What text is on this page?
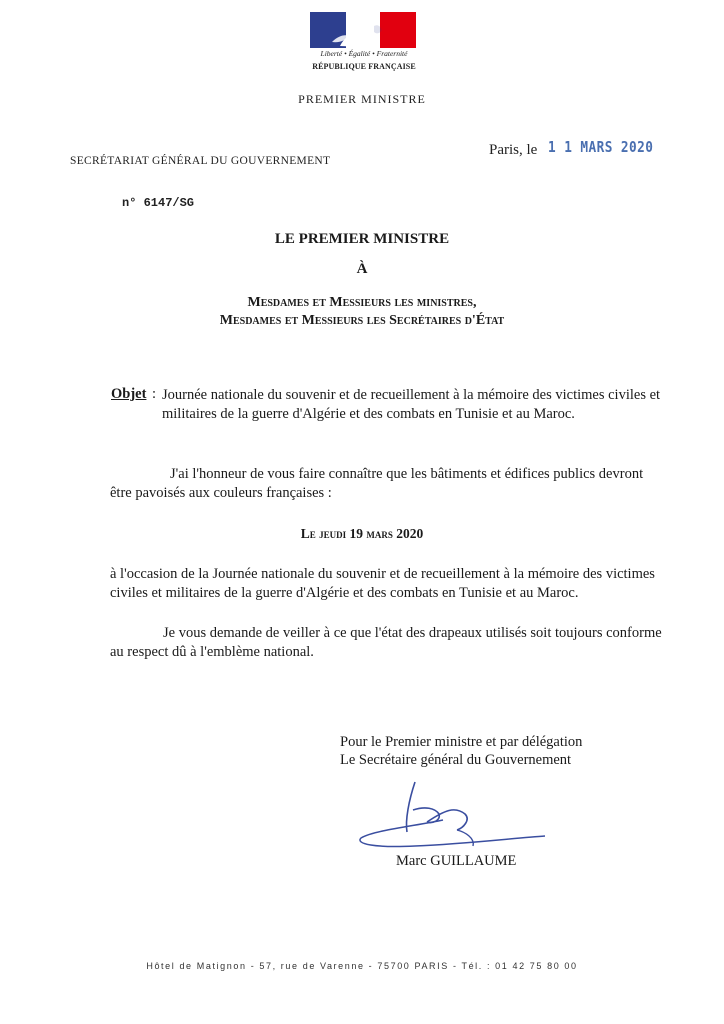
Liberté • Égalité • Fraternité
RÉPUBLIQUE FRANÇAISE
PREMIER MINISTRE
SECRÉTARIAT GÉNÉRAL DU GOUVERNEMENT
Paris, le 1 1 MARS 2020
n° 6147/SG
LE PREMIER MINISTRE
À
Mesdames et Messieurs les ministres,
Mesdames et Messieurs les Secrétaires d'État
Objet : Journée nationale du souvenir et de recueillement à la mémoire des victimes civiles et militaires de la guerre d'Algérie et des combats en Tunisie et au Maroc.
J'ai l'honneur de vous faire connaître que les bâtiments et édifices publics devront être pavoisés aux couleurs françaises :
Le jeudi 19 mars 2020
à l'occasion de la Journée nationale du souvenir et de recueillement à la mémoire des victimes civiles et militaires de la guerre d'Algérie et des combats en Tunisie et au Maroc.
Je vous demande de veiller à ce que l'état des drapeaux utilisés soit toujours conforme au respect dû à l'emblème national.
Pour le Premier ministre et par délégation
Le Secrétaire général du Gouvernement
Marc GUILLAUME
Hôtel de Matignon - 57, rue de Varenne - 75700 PARIS - Tél. : 01 42 75 80 00
